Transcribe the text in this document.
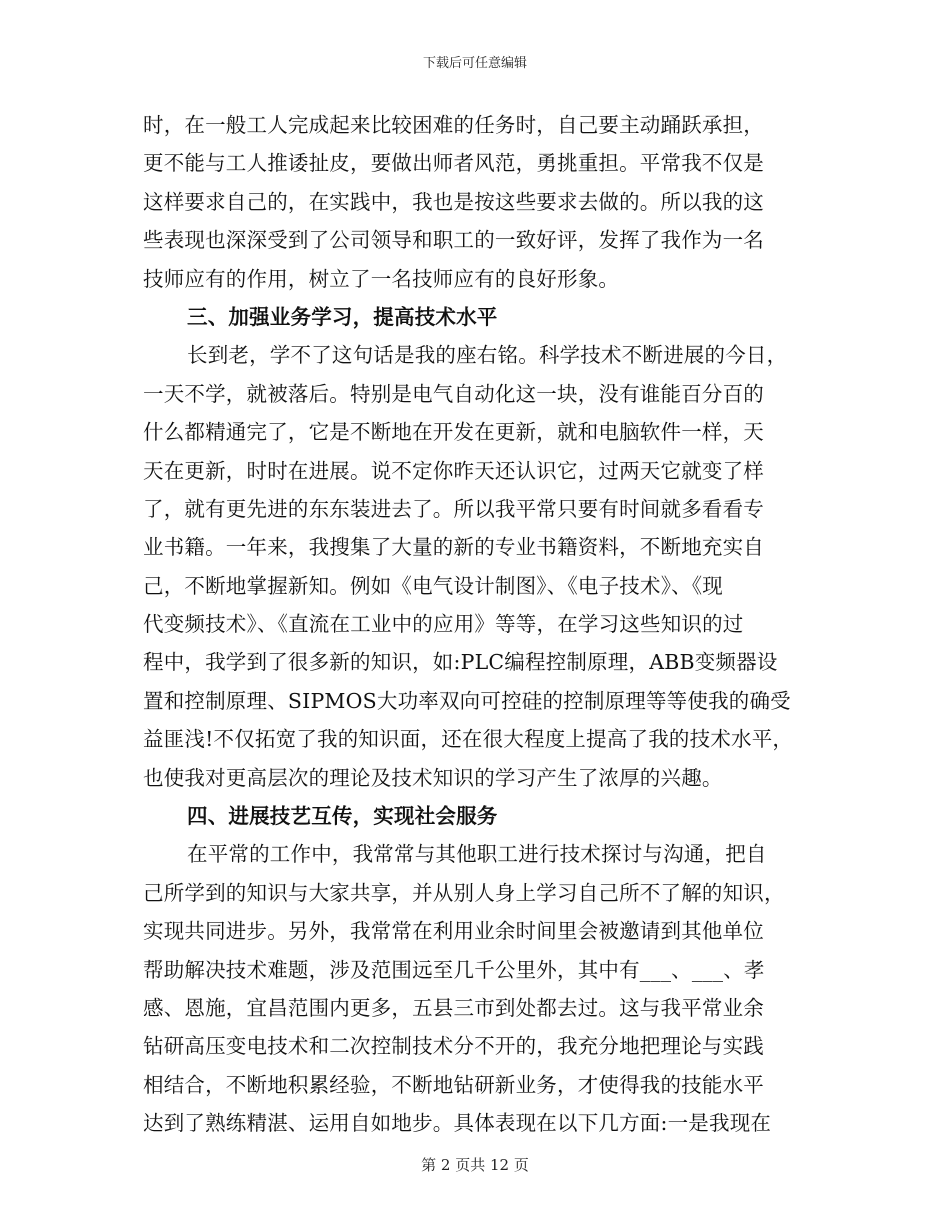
下载后可任意编辑
时，在一般工人完成起来比较困难的任务时，自己要主动踊跃承担，
更不能与工人推诿扯皮，要做出师者风范，勇挑重担。平常我不仅是
这样要求自己的，在实践中，我也是按这些要求去做的。所以我的这
些表现也深深受到了公司领导和职工的一致好评，发挥了我作为一名
技师应有的作用，树立了一名技师应有的良好形象。
三、加强业务学习，提高技术水平
长到老，学不了这句话是我的座右铭。科学技术不断进展的今日，
一天不学，就被落后。特别是电气自动化这一块，没有谁能百分百的
什么都精通完了，它是不断地在开发在更新，就和电脑软件一样，天
天在更新，时时在进展。说不定你昨天还认识它，过两天它就变了样
了，就有更先进的东东装进去了。所以我平常只要有时间就多看看专
业书籍。一年来，我搜集了大量的新的专业书籍资料，不断地充实自
己，不断地掌握新知。例如《电气设计制图》、《电子技术》、《现
代变频技术》、《直流在工业中的应用》等等，在学习这些知识的过
程中，我学到了很多新的知识，如:PLC编程控制原理，ABB变频器设
置和控制原理、SIPMOS大功率双向可控硅的控制原理等等使我的确受
益匪浅!不仅拓宽了我的知识面，还在很大程度上提高了我的技术水平，
也使我对更高层次的理论及技术知识的学习产生了浓厚的兴趣。
四、进展技艺互传，实现社会服务
在平常的工作中，我常常与其他职工进行技术探讨与沟通，把自
己所学到的知识与大家共享，并从别人身上学习自己所不了解的知识，
实现共同进步。另外，我常常在利用业余时间里会被邀请到其他单位
帮助解决技术难题，涉及范围远至几千公里外，其中有___、___、孝
感、恩施，宜昌范围内更多，五县三市到处都去过。这与我平常业余
钻研高压变电技术和二次控制技术分不开的，我充分地把理论与实践
相结合，不断地积累经验，不断地钻研新业务，才使得我的技能水平
达到了熟练精湛、运用自如地步。具体表现在以下几方面:一是我现在
第 2 页共 12 页
